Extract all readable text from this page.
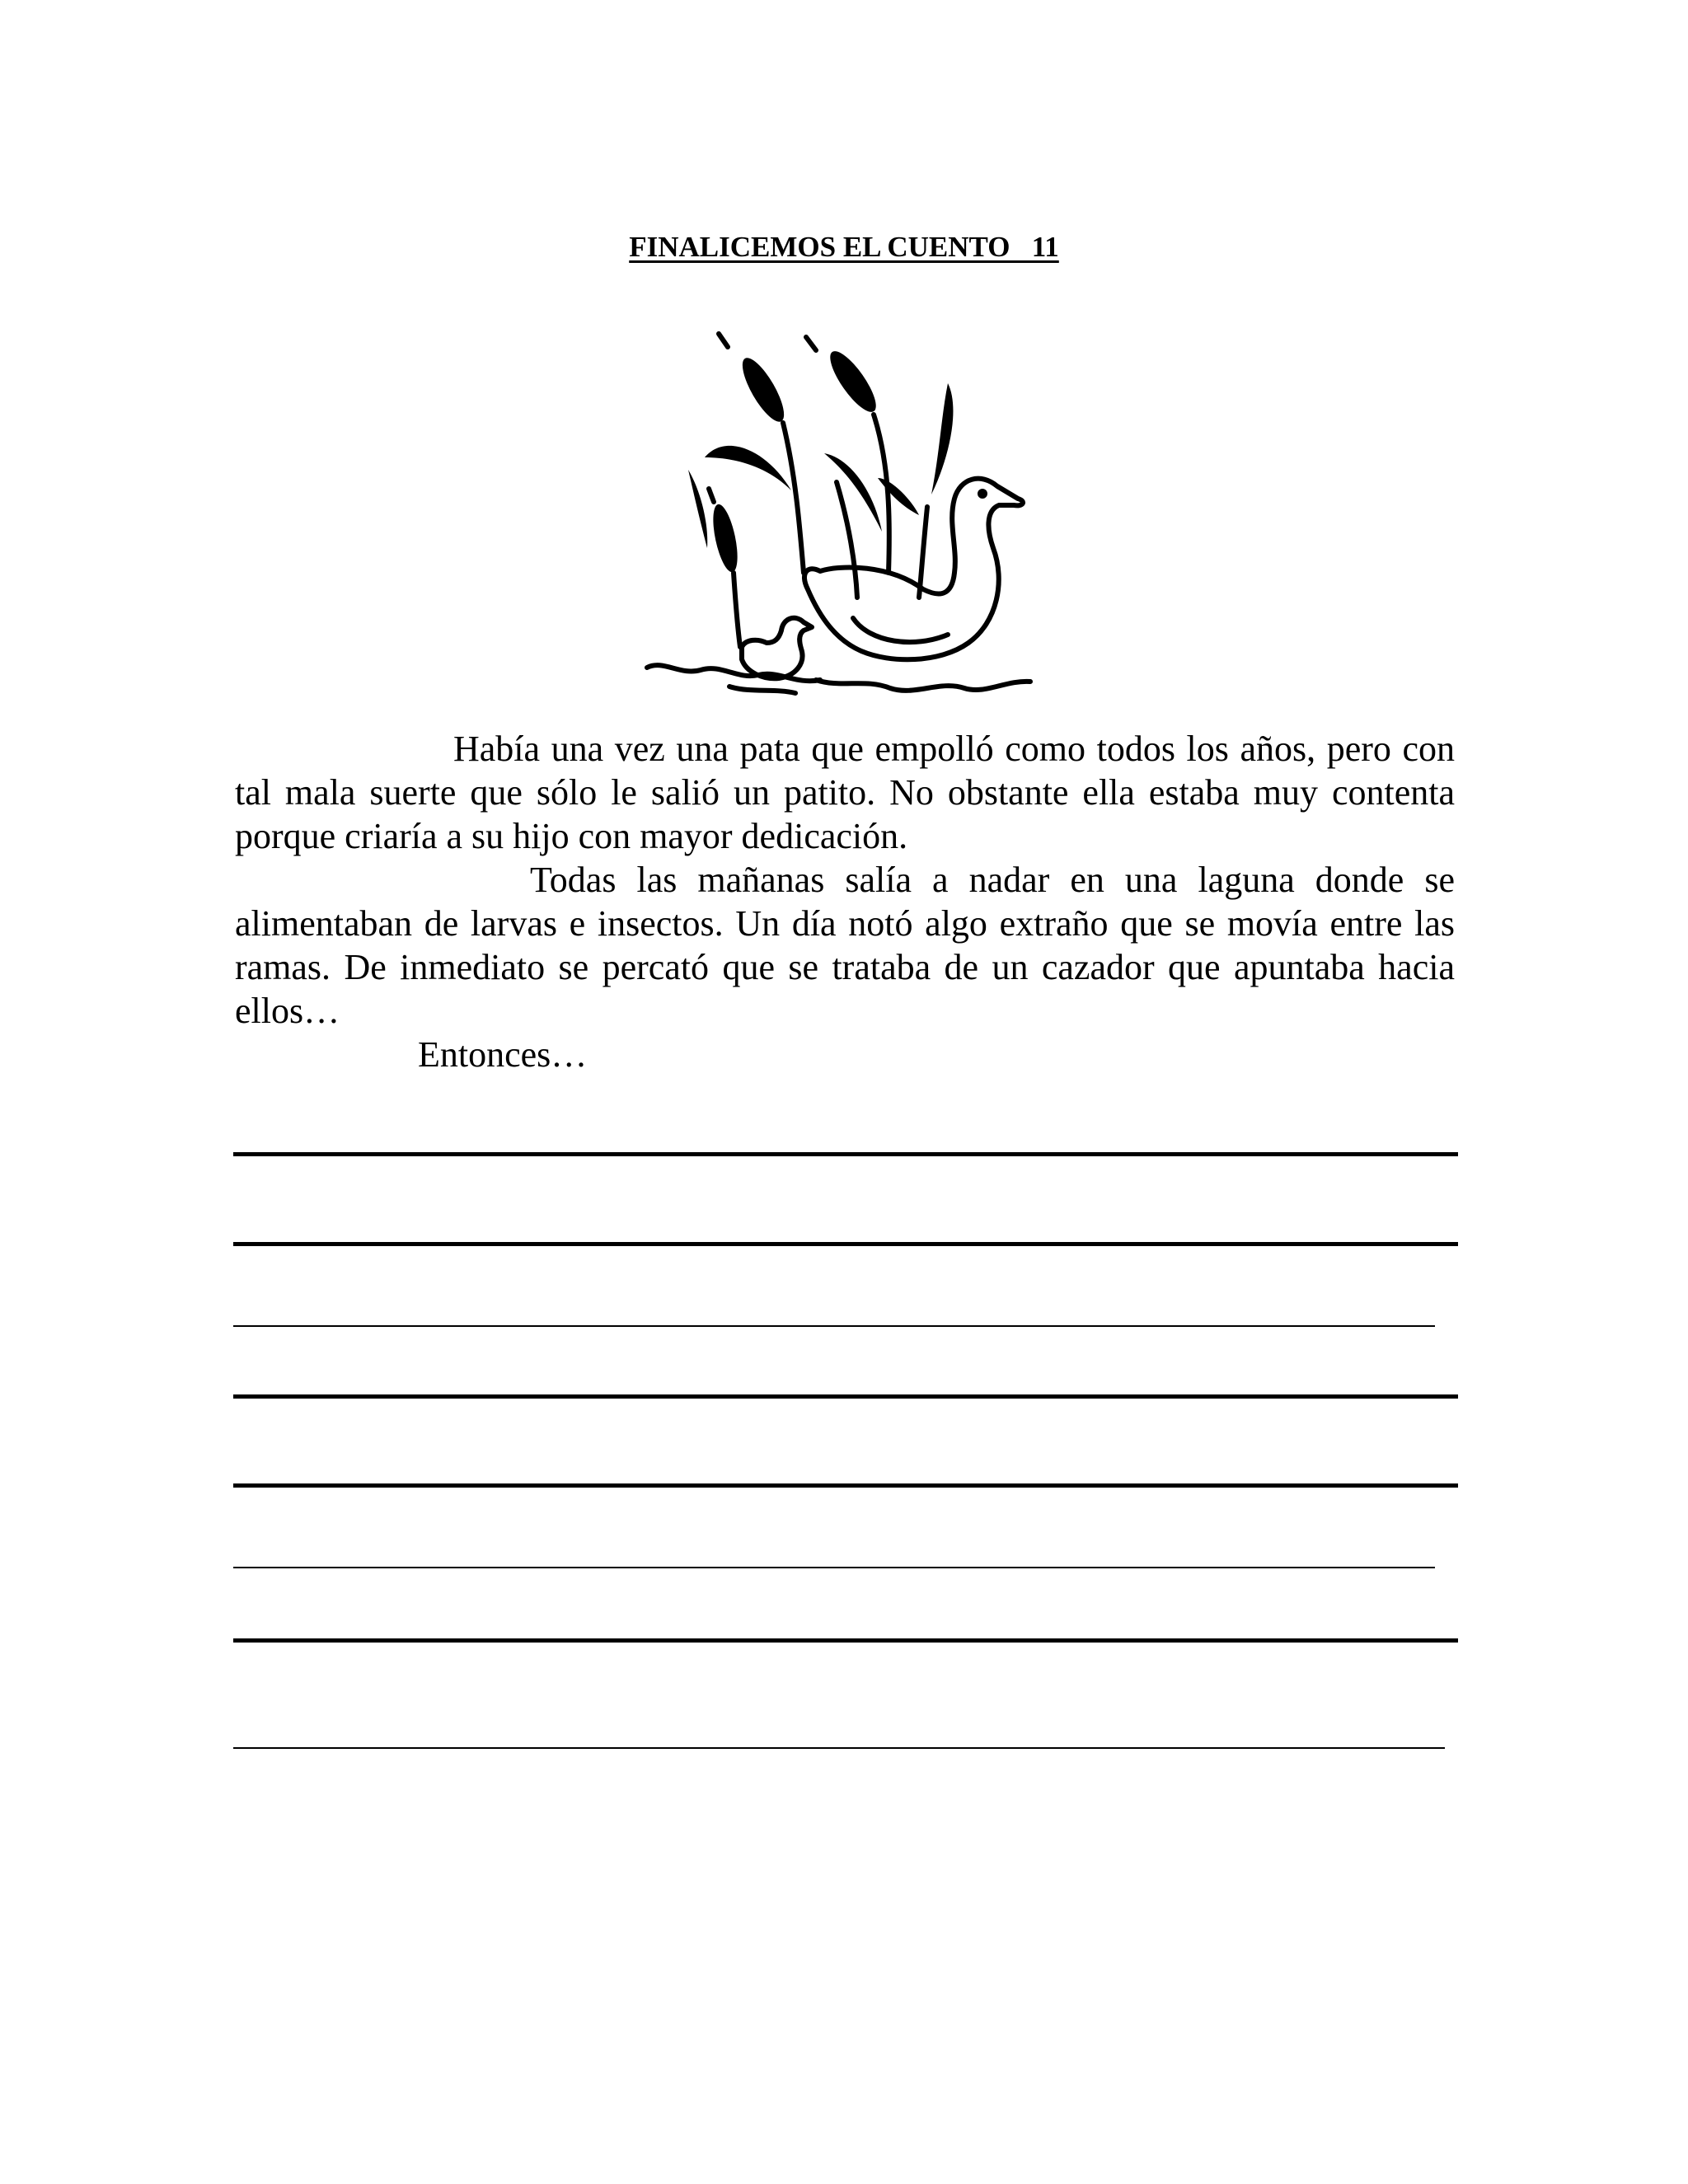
FINALICEMOS EL CUENTO   11

Había una vez una pata que empolló como todos los años, pero con tal mala suerte que sólo le salió un patito. No obstante ella estaba muy contenta porque criaría a su hijo con mayor dedicación.

Todas las mañanas salía a nadar en una laguna donde se alimentaban de larvas e insectos. Un día notó algo extraño que se movía entre las ramas. De inmediato se percató que se trataba de un cazador que apuntaba hacia ellos…

Entonces…
